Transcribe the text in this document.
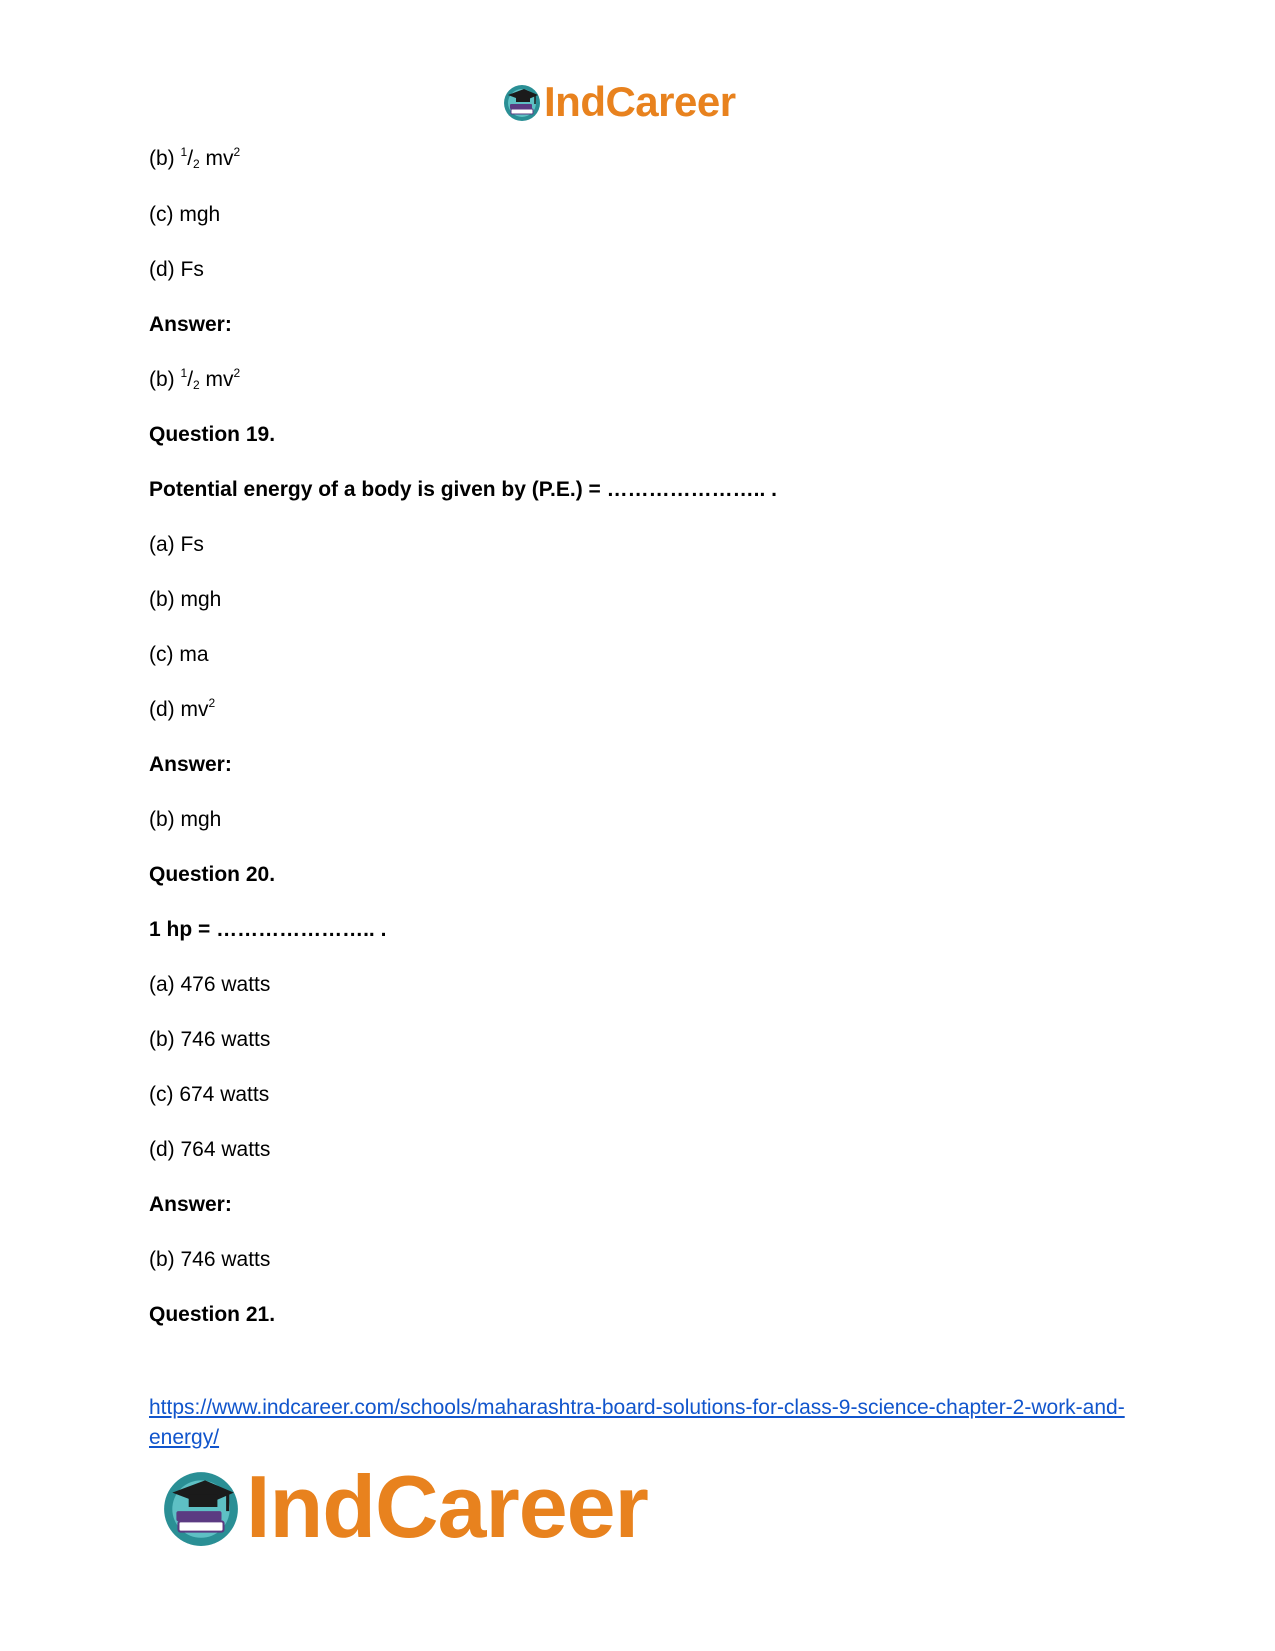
IndCareer
(b) $^1/_2$ $mv^2$
(c) mgh
(d) Fs
Answer:
(b) $^1/_2$ $mv^2$
Question 19.
Potential energy of a body is given by (P.E.) = ………………….. .
(a) Fs
(b) mgh
(c) ma
(d) $mv^2$
Answer:
(b) mgh
Question 20.
1 hp = ………………….. .
(a) 476 watts
(b) 746 watts
(c) 674 watts
(d) 764 watts
Answer:
(b) 746 watts
Question 21.
https://www.indcareer.com/schools/maharashtra-board-solutions-for-class-9-science-chapter-2-work-and-energy/
IndCareer
